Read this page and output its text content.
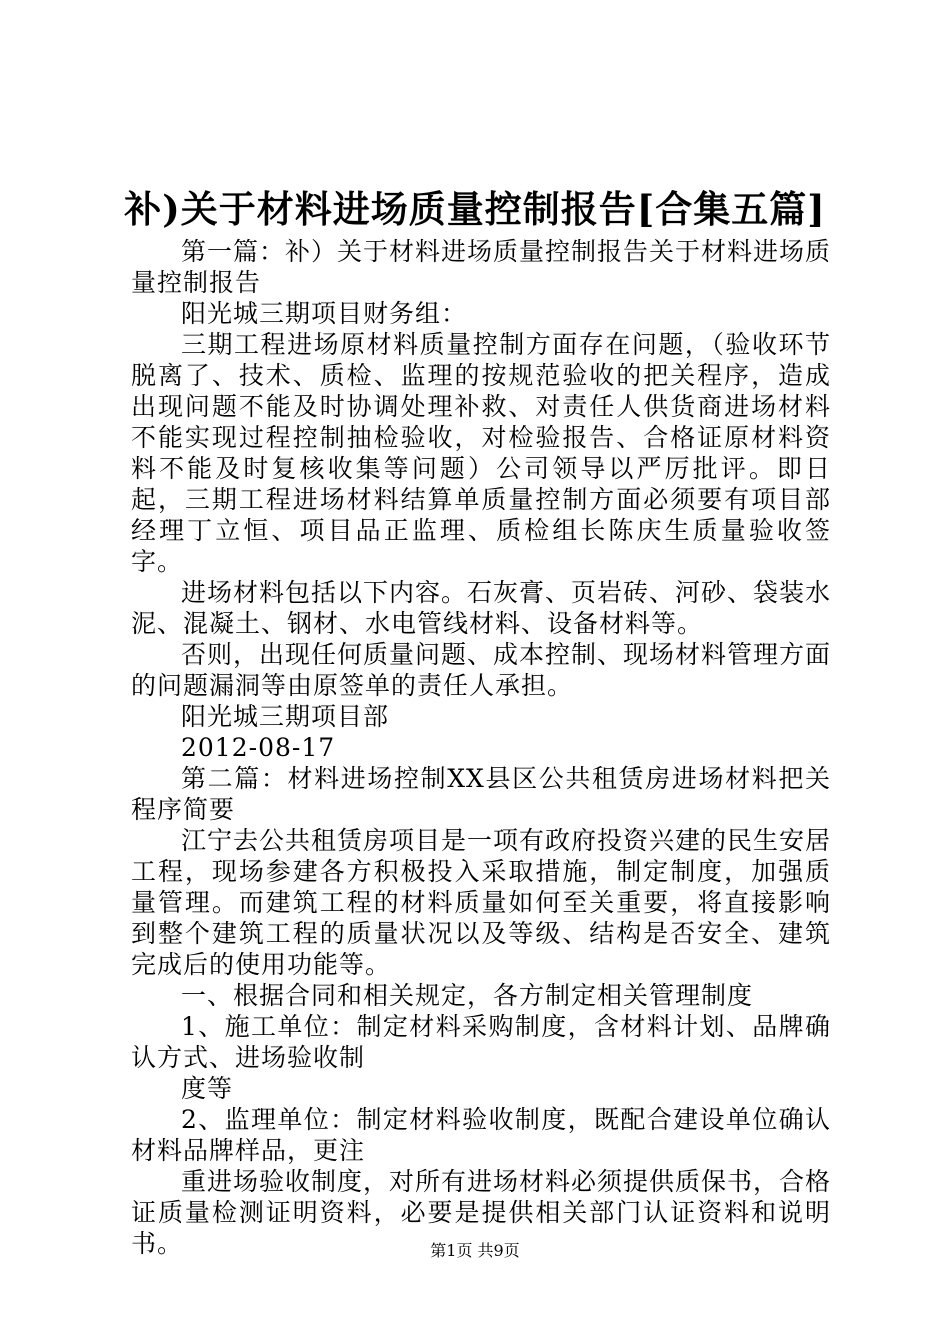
补)关于材料进场质量控制报告[合集五篇]

第一篇：补）关于材料进场质量控制报告关于材料进场质量控制报告

阳光城三期项目财务组：

三期工程进场原材料质量控制方面存在问题，（验收环节脱离了、技术、质检、监理的按规范验收的把关程序，造成出现问题不能及时协调处理补救、对责任人供货商进场材料不能实现过程控制抽检验收，对检验报告、合格证原材料资料不能及时复核收集等问题）公司领导以严厉批评。即日起，三期工程进场材料结算单质量控制方面必须要有项目部经理丁立恒、项目品正监理、质检组长陈庆生质量验收签字。

进场材料包括以下内容。石灰膏、页岩砖、河砂、袋装水泥、混凝土、钢材、水电管线材料、设备材料等。

否则，出现任何质量问题、成本控制、现场材料管理方面的问题漏洞等由原签单的责任人承担。

阳光城三期项目部

2012-08-17

第二篇：材料进场控制XX县区公共租赁房进场材料把关程序简要

江宁去公共租赁房项目是一项有政府投资兴建的民生安居工程，现场参建各方积极投入采取措施，制定制度，加强质量管理。而建筑工程的材料质量如何至关重要，将直接影响到整个建筑工程的质量状况以及等级、结构是否安全、建筑完成后的使用功能等。

一、根据合同和相关规定，各方制定相关管理制度

1、施工单位：制定材料采购制度，含材料计划、品牌确认方式、进场验收制

度等

2、监理单位：制定材料验收制度，既配合建设单位确认材料品牌样品，更注

重进场验收制度，对所有进场材料必须提供质保书，合格证质量检测证明资料，必要是提供相关部门认证资料和说明书。	第1页 共9页
